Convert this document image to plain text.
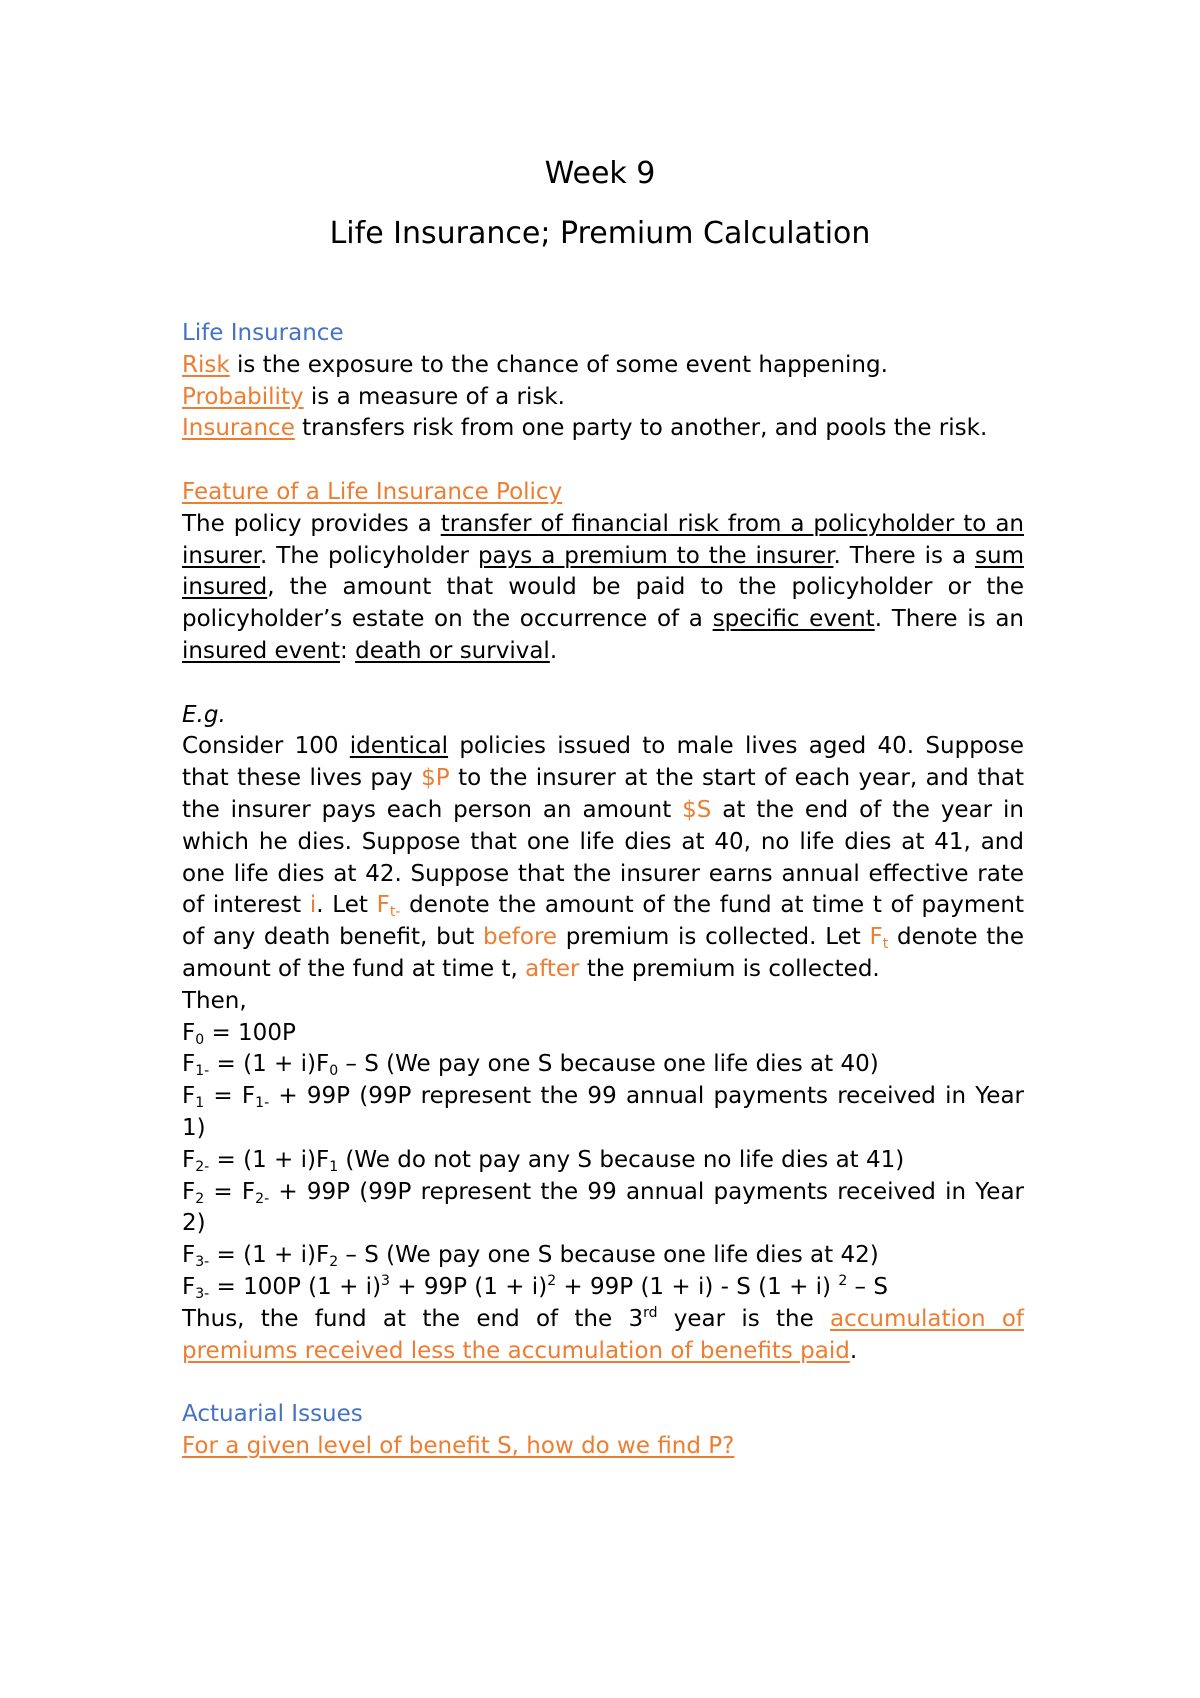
Week 9
Life Insurance; Premium Calculation

Life Insurance

Risk is the exposure to the chance of some event happening.

Probability is a measure of a risk.

Insurance transfers risk from one party to another, and pools the risk.

Feature of a Life Insurance Policy

The policy provides a transfer of financial risk from a policyholder to an insurer. The policyholder pays a premium to the insurer. There is a sum insured, the amount that would be paid to the policyholder or the policyholder’s estate on the occurrence of a specific event. There is an insured event: death or survival.

E.g.

Consider 100 identical policies issued to male lives aged 40. Suppose that these lives pay $P to the insurer at the start of each year, and that the insurer pays each person an amount $S at the end of the year in which he dies. Suppose that one life dies at 40, no life dies at 41, and one life dies at 42. Suppose that the insurer earns annual effective rate of interest i. Let $F_{t-}$ denote the amount of the fund at time t of payment of any death benefit, but before premium is collected. Let $F_t$ denote the amount of the fund at time t, after the premium is collected.

Then,

$F_0 = 100P$

$F_{1-} = (1 + i)F_0 - S$ (We pay one S because one life dies at 40)

$F_1 = F_{1-} + 99P$ (99P represent the 99 annual payments received in Year 1)

$F_{2-} = (1 + i)F_1$ (We do not pay any S because no life dies at 41)

$F_2 = F_{2-} + 99P$ (99P represent the 99 annual payments received in Year 2)

$F_{3-} = (1 + i)F_2 - S$ (We pay one S because one life dies at 42)

$F_{3-} = 100P$ $(1 + i)^3 + 99P$ $(1 + i)^2 + 99P$ (1 + i) - S (1 + i) $^2$ – S

Thus, the fund at the end of the 3rd year is the accumulation of premiums received less the accumulation of benefits paid.

Actuarial Issues

For a given level of benefit S, how do we find P?
